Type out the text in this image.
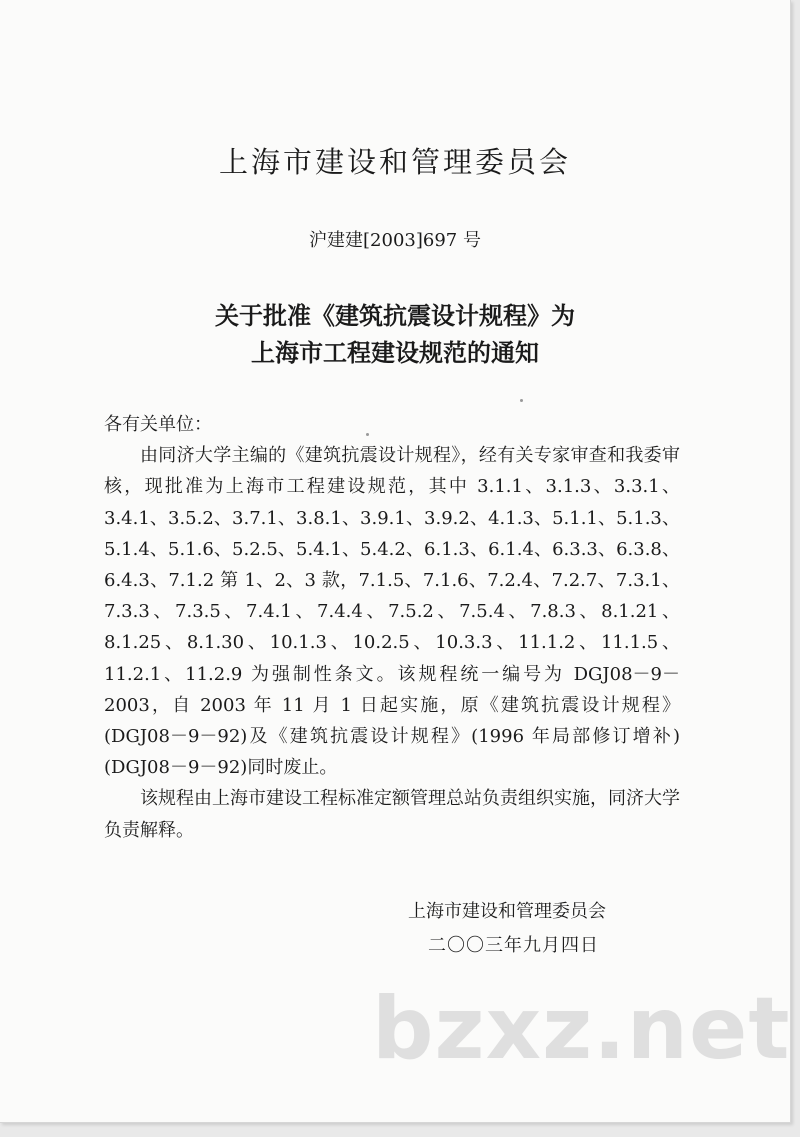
上海市建设和管理委员会
沪建建[2003]697 号
关于批准《建筑抗震设计规程》为
上海市工程建设规范的通知

各有关单位：

由同济大学主编的《建筑抗震设计规程》，经有关专家审查和我委审核，现批准为上海市工程建设规范，其中 3.1.1、3.1.3、3.3.1、3.4.1、3.5.2、3.7.1、3.8.1、3.9.1、3.9.2、4.1.3、5.1.1、5.1.3、5.1.4、5.1.6、5.2.5、5.4.1、5.4.2、6.1.3、6.1.4、6.3.3、6.3.8、6.4.3、7.1.2 第 1、2、3 款，7.1.5、7.1.6、7.2.4、7.2.7、7.3.1、7.3.3、7.3.5、7.4.1、7.4.4、7.5.2、7.5.4、7.8.3、8.1.21、8.1.25、8.1.30、10.1.3、10.2.5、10.3.3、11.1.2、11.1.5、11.2.1、11.2.9 为强制性条文。该规程统一编号为 DGJ08－9－2003，自 2003 年 11 月 1 日起实施，原《建筑抗震设计规程》(DGJ08－9－92)及《建筑抗震设计规程》(1996 年局部修订增补)(DGJ08－9－92)同时废止。

该规程由上海市建设工程标准定额管理总站负责组织实施，同济大学负责解释。

上海市建设和管理委员会
二〇〇三年九月四日
bzxz.net
